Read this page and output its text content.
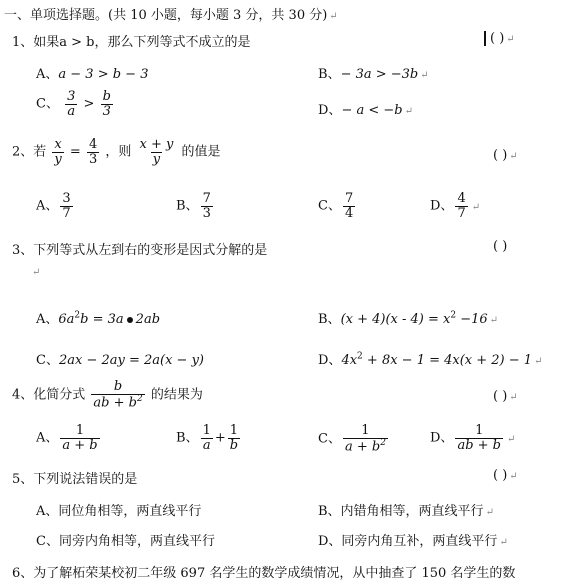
一、单项选择题。(共 10 小题，每小题 3 分，共 30 分) ↵
1、如果a > b，那么下列等式不成立的是	( ) ↵
A、a − 3 > b − 3	B、− 3a > −3b ↵
C、 $\frac{3}{a} > \frac{b}{3}$	D、− a < −b ↵
2、若 $\frac{x}{y} = \frac{4}{3}$ ，则 $\frac{x + y}{y}$ 的值是	( ) ↵
A、 $\frac{3}{7}$	B、 $\frac{7}{3}$	C、 $\frac{7}{4}$	D、 $\frac{4}{7}$ ↵
3、下列等式从左到右的变形是因式分解的是	( )
↵
A、$6a^2b = 3a$ 2ab	B、$(x + 4)(x - 4) = x^2 -16$ ↵
C、2ax − 2ay = 2a(x − y)	D、$4x^2 + 8x - 1 = 4x(x + 2) - 1$ ↵
4、化简分式 $\frac{b}{ab + b^2}$ 的结果为	( ) ↵
A、 $\frac{1}{a + b}$	B、 $\frac{1}{a} + \frac{1}{b}$	C、 $\frac{1}{a + b^2}$	D、 $\frac{1}{ab + b}$ ↵
5、下列说法错误的是	( ) ↵
A、同位角相等，两直线平行	B、内错角相等，两直线平行 ↵
C、同旁内角相等，两直线平行	D、同旁内角互补，两直线平行 ↵
6、为了解柘荣某校初二年级 697 名学生的数学成绩情况，从中抽查了 150 名学生的数
